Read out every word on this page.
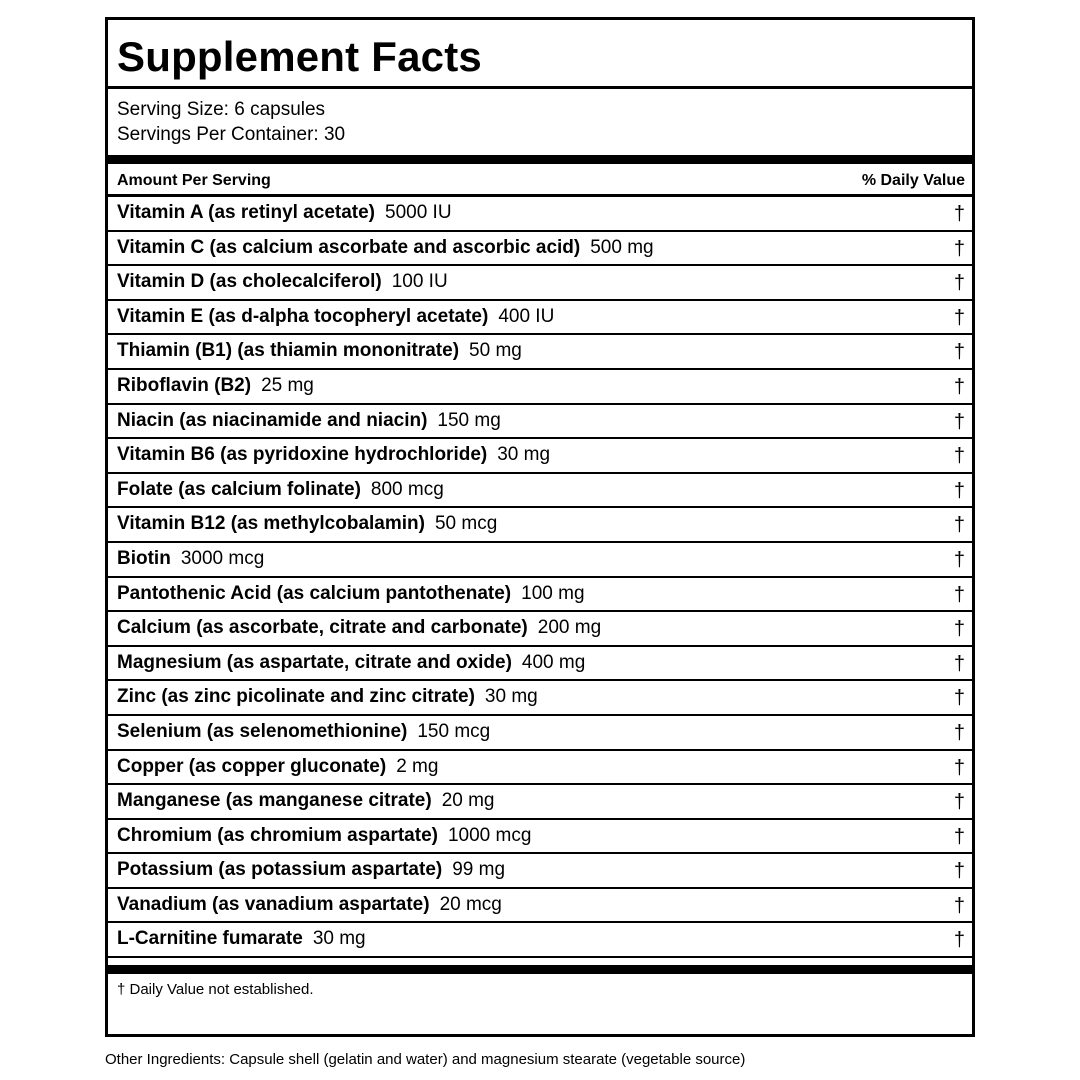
Supplement Facts
Serving Size: 6 capsules
Servings Per Container: 30
Amount Per Serving	% Daily Value
Vitamin A (as retinyl acetate) 5000 IU	†
Vitamin C (as calcium ascorbate and ascorbic acid) 500 mg	†
Vitamin D (as cholecalciferol) 100 IU	†
Vitamin E (as d-alpha tocopheryl acetate) 400 IU	†
Thiamin (B1) (as thiamin mononitrate) 50 mg	†
Riboflavin (B2) 25 mg	†
Niacin (as niacinamide and niacin) 150 mg	†
Vitamin B6 (as pyridoxine hydrochloride) 30 mg	†
Folate (as calcium folinate) 800 mcg	†
Vitamin B12 (as methylcobalamin) 50 mcg	†
Biotin 3000 mcg	†
Pantothenic Acid (as calcium pantothenate) 100 mg	†
Calcium (as ascorbate, citrate and carbonate) 200 mg	†
Magnesium (as aspartate, citrate and oxide) 400 mg	†
Zinc (as zinc picolinate and zinc citrate) 30 mg	†
Selenium (as selenomethionine) 150 mcg	†
Copper (as copper gluconate) 2 mg	†
Manganese (as manganese citrate) 20 mg	†
Chromium (as chromium aspartate) 1000 mcg	†
Potassium (as potassium aspartate) 99 mg	†
Vanadium (as vanadium aspartate) 20 mcg	†
L-Carnitine fumarate 30 mg	†
† Daily Value not established.
Other Ingredients: Capsule shell (gelatin and water) and magnesium stearate (vegetable source)
